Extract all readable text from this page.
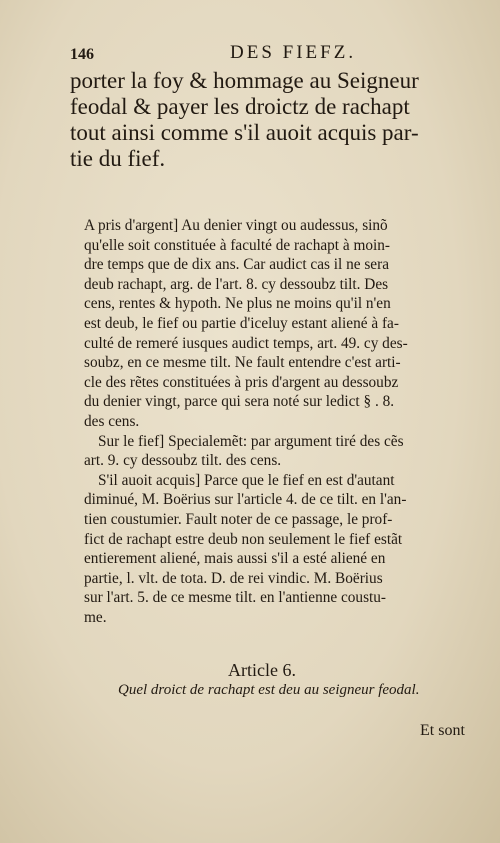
146	DES FIEFZ.

porter la foy & hommage au Seigneur

feodal & payer les droictz de rachapt

tout ainsi comme s'il auoit acquis par-

tie du fief.

A pris d'argent] Au denier vingt ou audessus, sinõ

qu'elle soit constituée à faculté de rachapt à moin-

dre temps que de dix ans. Car audict cas il ne sera

deub rachapt, arg. de l'art. 8. cy dessoubz tilt. Des

cens, rentes & hypoth. Ne plus ne moins qu'il n'en

est deub, le fief ou partie d'iceluy estant aliené à fa-

culté de remeré iusques audict temps, art. 49. cy des-

soubz, en ce mesme tilt. Ne fault entendre c'est arti-

cle des rẽtes constituées à pris d'argent au dessoubz

du denier vingt, parce qui sera noté sur ledict § . 8.

des cens.

Sur le fief] Specialemẽt: par argument tiré des cẽs

art. 9. cy dessoubz tilt. des cens.

S'il auoit acquis] Parce que le fief en est d'autant

diminué, M. Boërius sur l'article 4. de ce tilt. en l'an-

tien coustumier. Fault noter de ce passage, le prof-

fict de rachapt estre deub non seulement le fief estãt

entierement aliené, mais aussi s'il a esté aliené en

partie, l. vlt. de tota. D. de rei vindic. M. Boërius

sur l'art. 5. de ce mesme tilt. en l'antienne coustu-

me.

Article 6.
Quel droict de rachapt est deu au seigneur feodal.
Et sont
